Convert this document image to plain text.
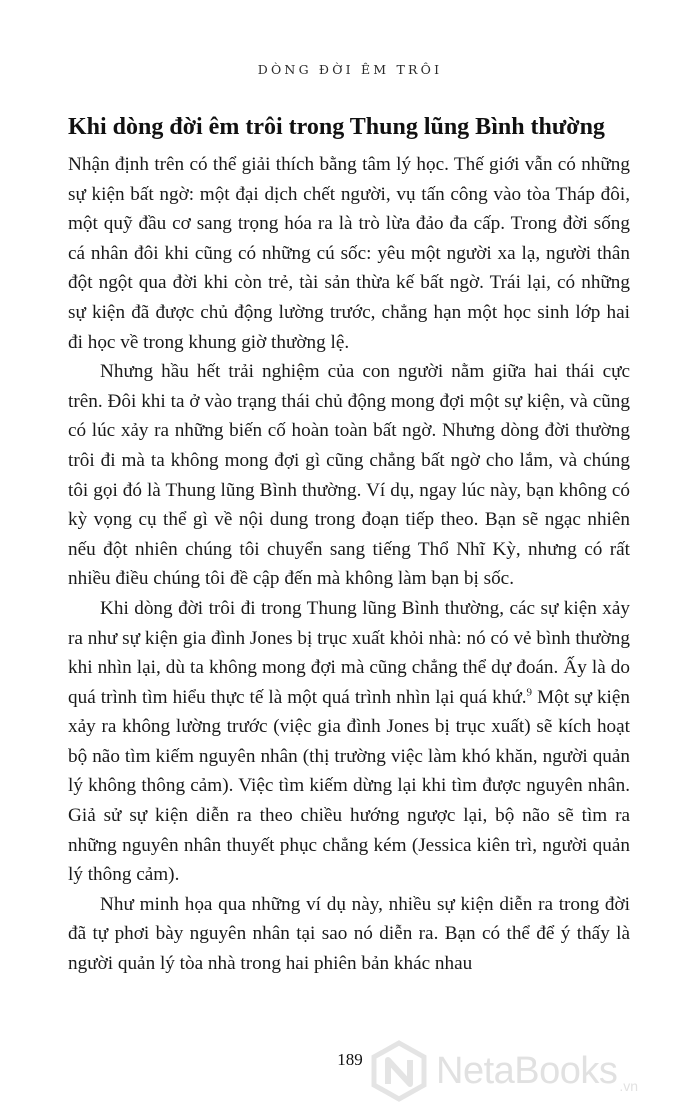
DÒNG ĐỜI ÊM TRÔI
Khi dòng đời êm trôi trong Thung lũng Bình thường

Nhận định trên có thể giải thích bằng tâm lý học. Thế giới vẫn có những sự kiện bất ngờ: một đại dịch chết người, vụ tấn công vào tòa Tháp đôi, một quỹ đầu cơ sang trọng hóa ra là trò lừa đảo đa cấp. Trong đời sống cá nhân đôi khi cũng có những cú sốc: yêu một người xa lạ, người thân đột ngột qua đời khi còn trẻ, tài sản thừa kế bất ngờ. Trái lại, có những sự kiện đã được chủ động lường trước, chẳng hạn một học sinh lớp hai đi học về trong khung giờ thường lệ.

Nhưng hầu hết trải nghiệm của con người nằm giữa hai thái cực trên. Đôi khi ta ở vào trạng thái chủ động mong đợi một sự kiện, và cũng có lúc xảy ra những biến cố hoàn toàn bất ngờ. Nhưng dòng đời thường trôi đi mà ta không mong đợi gì cũng chẳng bất ngờ cho lắm, và chúng tôi gọi đó là Thung lũng Bình thường. Ví dụ, ngay lúc này, bạn không có kỳ vọng cụ thể gì về nội dung trong đoạn tiếp theo. Bạn sẽ ngạc nhiên nếu đột nhiên chúng tôi chuyển sang tiếng Thổ Nhĩ Kỳ, nhưng có rất nhiều điều chúng tôi đề cập đến mà không làm bạn bị sốc.

Khi dòng đời trôi đi trong Thung lũng Bình thường, các sự kiện xảy ra như sự kiện gia đình Jones bị trục xuất khỏi nhà: nó có vẻ bình thường khi nhìn lại, dù ta không mong đợi mà cũng chẳng thể dự đoán. Ấy là do quá trình tìm hiểu thực tế là một quá trình nhìn lại quá khứ.$^9$ Một sự kiện xảy ra không lường trước (việc gia đình Jones bị trục xuất) sẽ kích hoạt bộ não tìm kiếm nguyên nhân (thị trường việc làm khó khăn, người quản lý không thông cảm). Việc tìm kiếm dừng lại khi tìm được nguyên nhân. Giả sử sự kiện diễn ra theo chiều hướng ngược lại, bộ não sẽ tìm ra những nguyên nhân thuyết phục chẳng kém (Jessica kiên trì, người quản lý thông cảm).

Như minh họa qua những ví dụ này, nhiều sự kiện diễn ra trong đời đã tự phơi bày nguyên nhân tại sao nó diễn ra. Bạn có thể để ý thấy là người quản lý tòa nhà trong hai phiên bản khác nhau

189	NetaBooks .vn
